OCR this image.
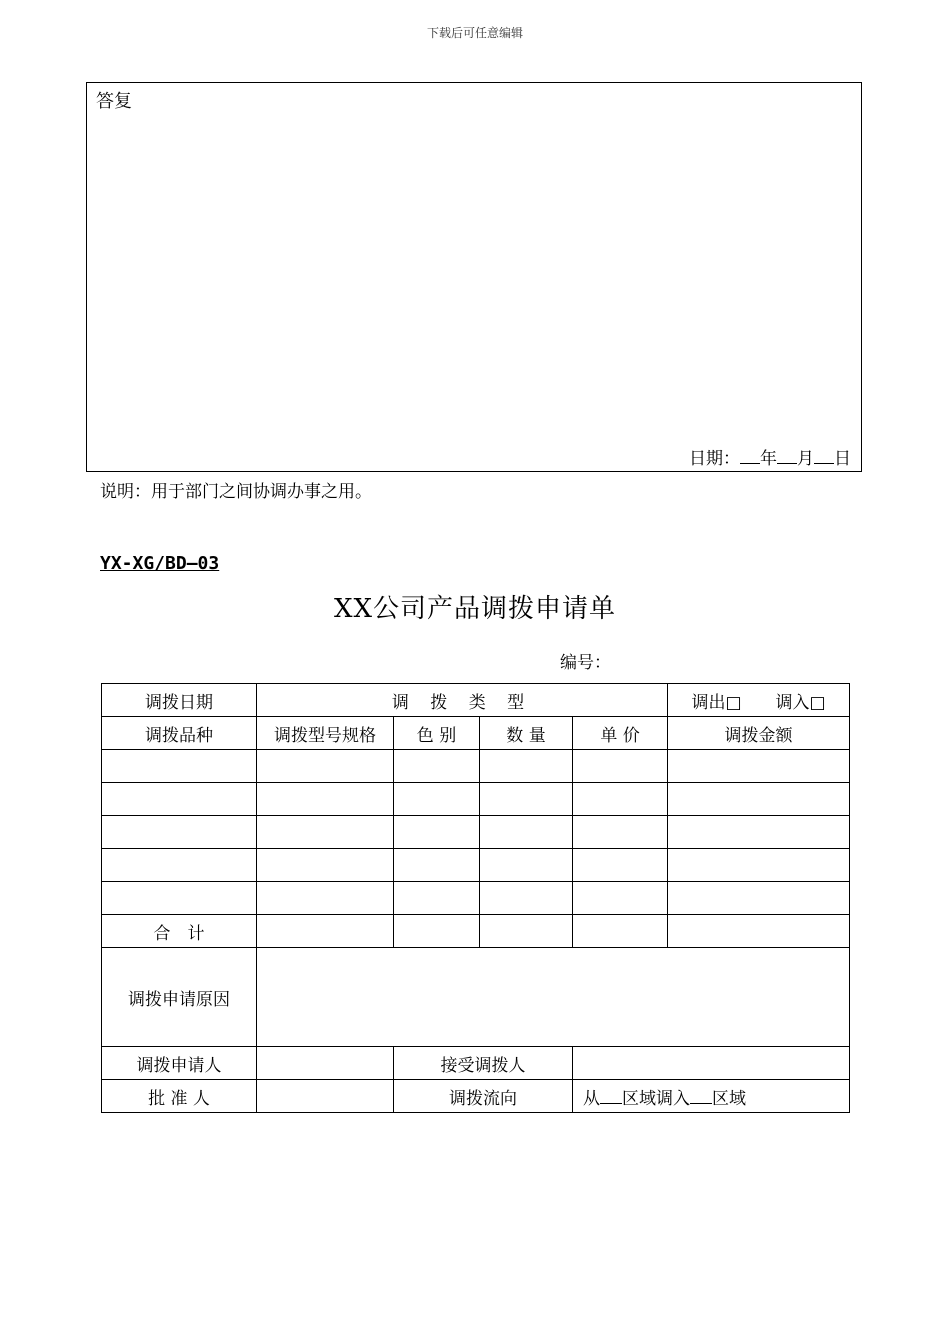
下载后可任意编辑
答复
日期： 年 月 日
说明：用于部门之间协调办事之用。
YX-XG/BD—03
XX公司产品调拨申请单
编号：
调拨日期	调 拨 类 型				调出□　　调入□
调拨品种	调拨型号规格	色 别	数 量	单 价	调拨金额

合　计					
调拨申请原因					
调拨申请人		接受调拨人			
批 准 人		调拨流向		从 区域调入 区域	
